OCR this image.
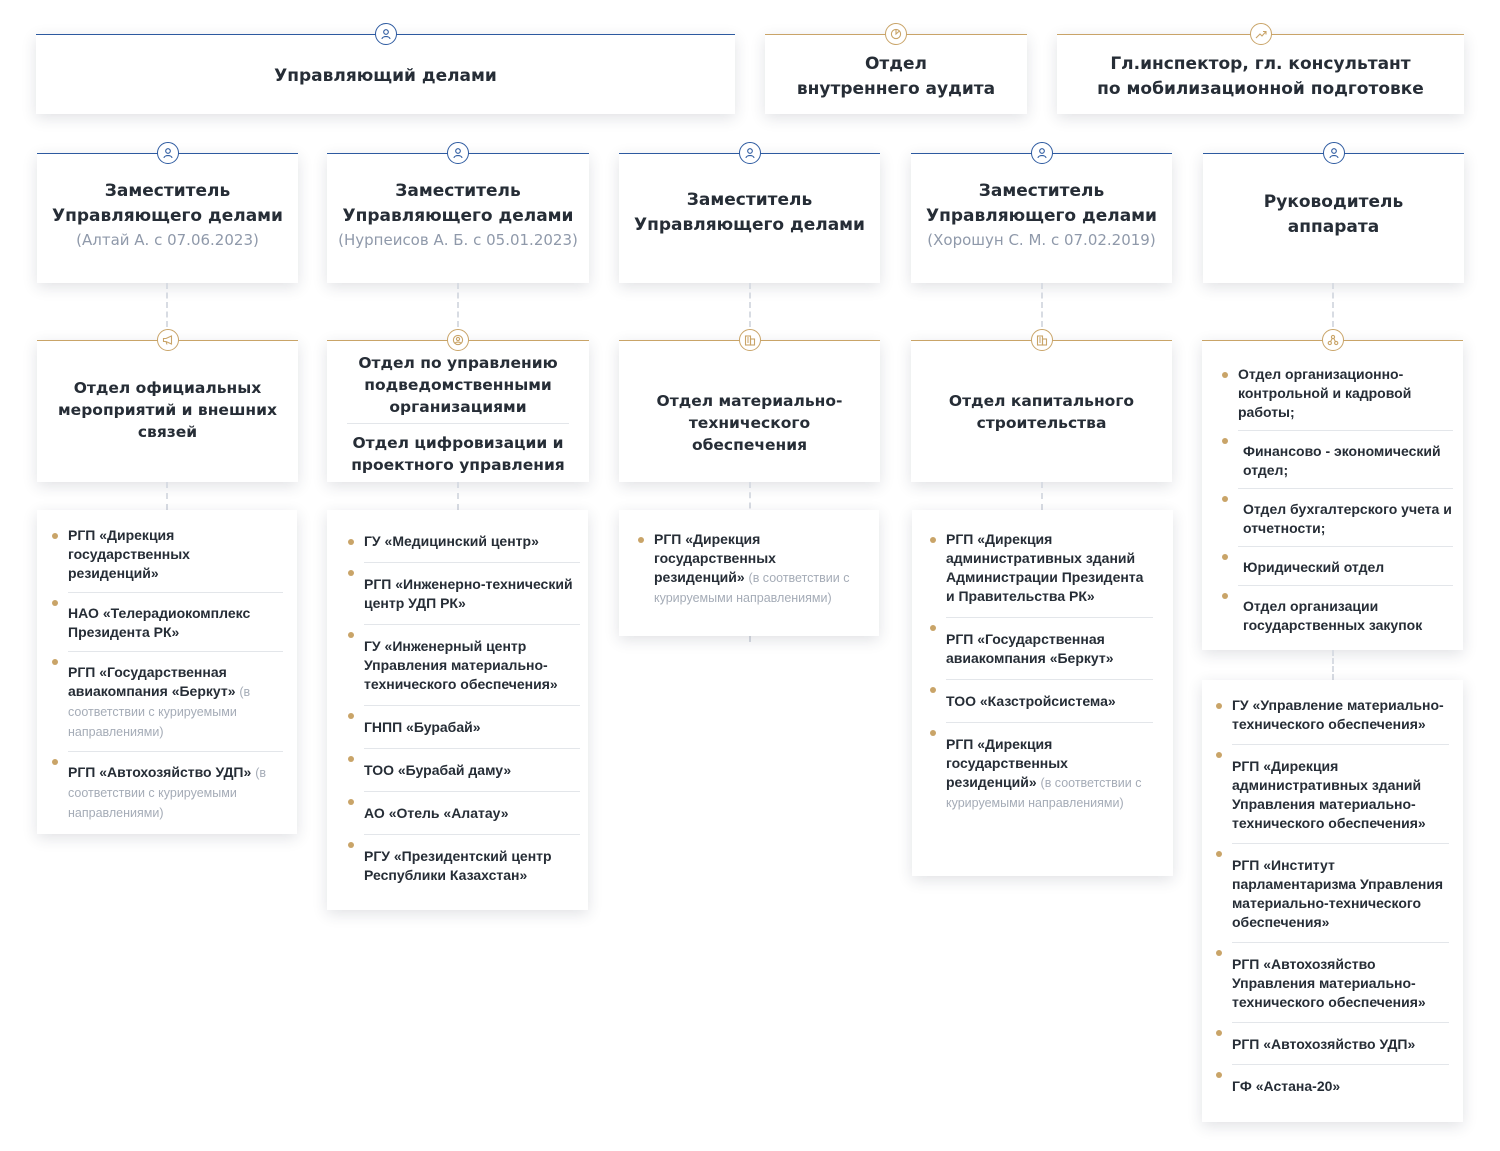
Управляющий делами
Отдел
внутреннего аудита
Гл.инспектор, гл. консультант
по мобилизационной подготовке
Заместитель
Управляющего делами
(Алтай А. с 07.06.2023)
Заместитель
Управляющего делами
(Нурпеисов А. Б. с 05.01.2023)
Заместитель
Управляющего делами
Заместитель
Управляющего делами
(Хорошун С. М. с 07.02.2019)
Руководитель
аппарата
Отдел официальных мероприятий и внешних связей
Отдел по управлению подведомственными организациями
Отдел цифровизации и проектного управления
Отдел материально-технического обеспечения
Отдел капитального строительства
Отдел организационно-контрольной и кадровой работы;
Финансово - экономический отдел;
Отдел бухгалтерского учета и отчетности;
Юридический отдел
Отдел организации государственных закупок
РГП «Дирекция государственных резиденций»
НАО «Телерадиокомплекс Президента РК»
РГП «Государственная авиакомпания «Беркут» (в соответствии с курируемыми направлениями)
РГП «Автохозяйство УДП» (в соответствии с курируемыми направлениями)
ГУ «Медицинский центр»
РГП «Инженерно-технический центр УДП РК»
ГУ «Инженерный центр Управления материально-технического обеспечения»
ГНПП «Бурабай»
ТОО «Бурабай даму»
АО «Отель «Алатау»
РГУ «Президентский центр Республики Казахстан»
РГП «Дирекция государственных резиденций» (в соответствии с курируемыми направлениями)
РГП «Дирекция административных зданий Администрации Президента и Правительства РК»
РГП «Государственная авиакомпания «Беркут»
ТОО «Казстройсистема»
РГП «Дирекция государственных резиденций» (в соответствии с курируемыми направлениями)
ГУ «Управление материально-технического обеспечения»
РГП «Дирекция административных зданий Управления материально-технического обеспечения»
РГП «Институт парламентаризма Управления материально-технического обеспечения»
РГП «Автохозяйство Управления материально-технического обеспечения»
РГП «Автохозяйство УДП»
ГФ «Астана-20»
